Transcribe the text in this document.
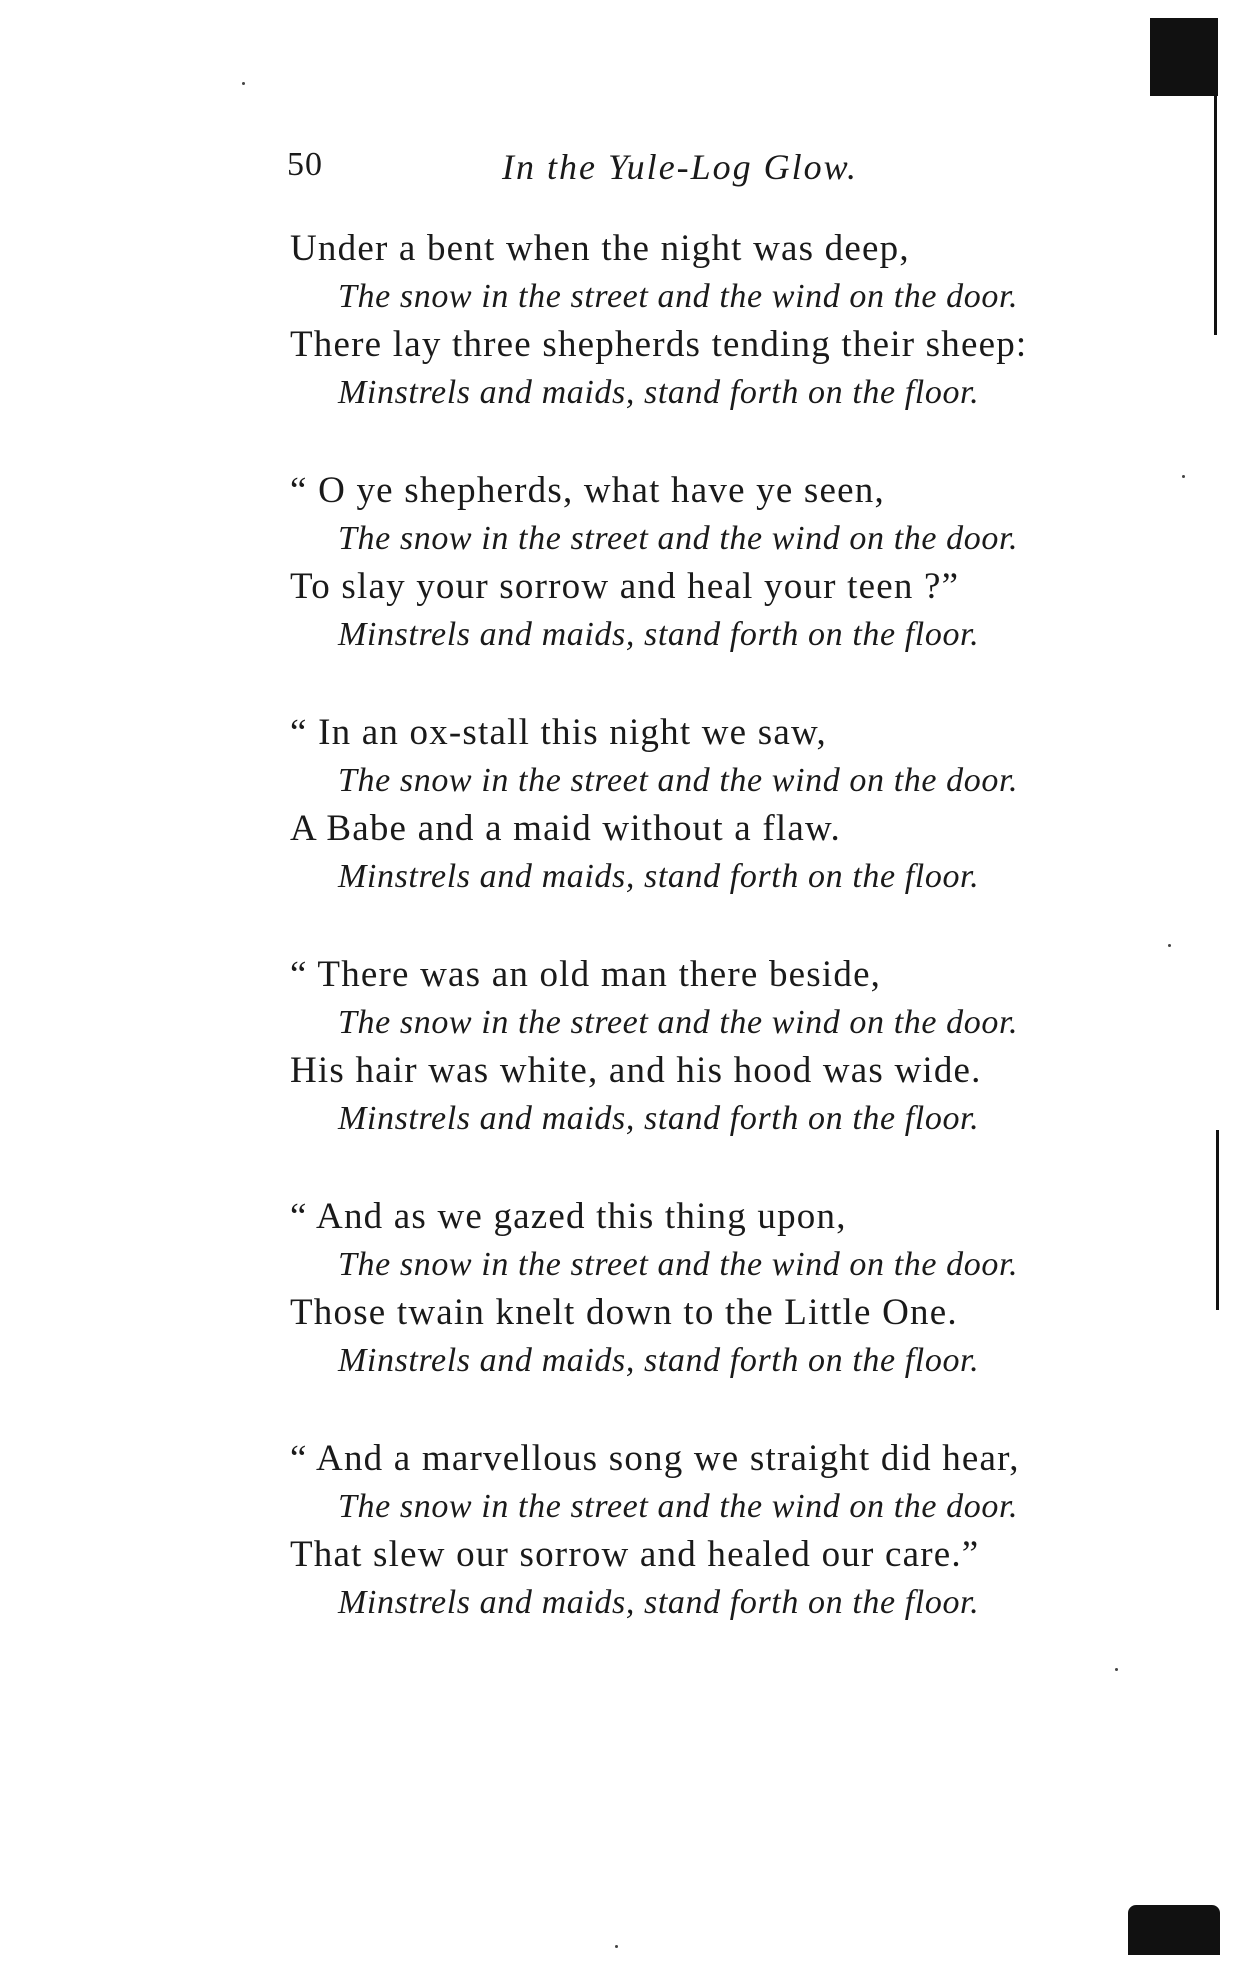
50	In the Yule-Log Glow.
Under a bent when the night was deep,
The snow in the street and the wind on the door.
There lay three shepherds tending their sheep:
Minstrels and maids, stand forth on the floor.
“ O ye shepherds, what have ye seen,
The snow in the street and the wind on the door.
To slay your sorrow and heal your teen ?”
Minstrels and maids, stand forth on the floor.
“ In an ox-stall this night we saw,
The snow in the street and the wind on the door.
A Babe and a maid without a flaw.
Minstrels and maids, stand forth on the floor.
“ There was an old man there beside,
The snow in the street and the wind on the door.
His hair was white, and his hood was wide.
Minstrels and maids, stand forth on the floor.
“ And as we gazed this thing upon,
The snow in the street and the wind on the door.
Those twain knelt down to the Little One.
Minstrels and maids, stand forth on the floor.
“ And a marvellous song we straight did hear,
The snow in the street and the wind on the door.
That slew our sorrow and healed our care.”
Minstrels and maids, stand forth on the floor.
